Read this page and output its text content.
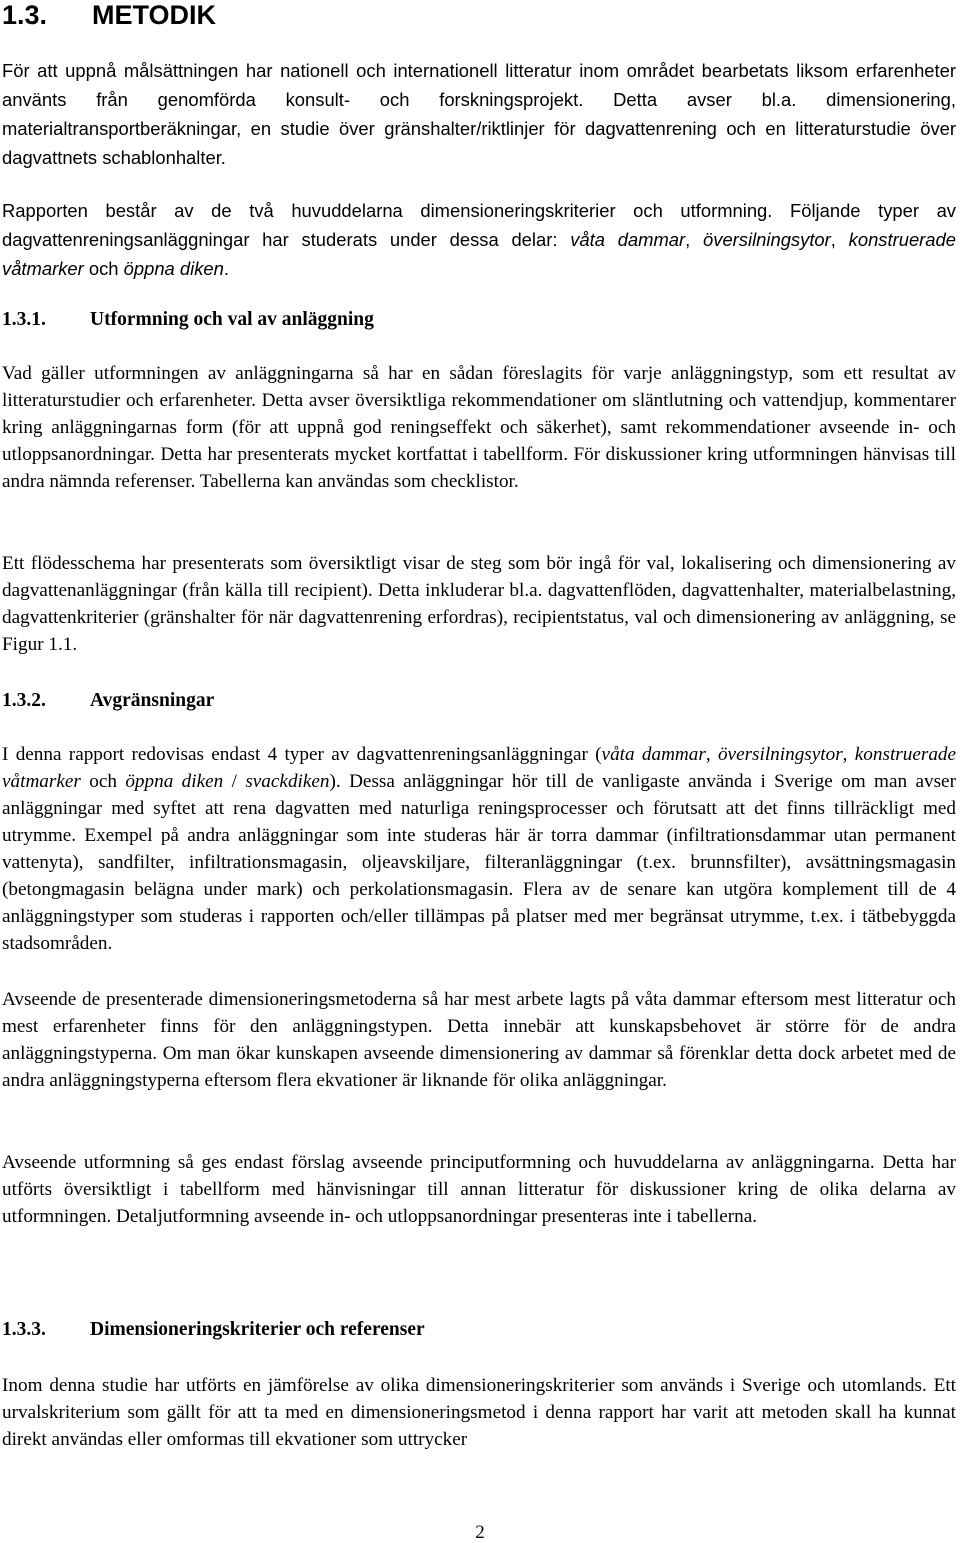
1.3. METODIK

För att uppnå målsättningen har nationell och internationell litteratur inom området bearbetats liksom erfarenheter använts från genomförda konsult- och forskningsprojekt. Detta avser bl.a. dimensionering, materialtransportberäkningar, en studie över gränshalter/riktlinjer för dagvattenrening och en litteraturstudie över dagvattnets schablonhalter.

Rapporten består av de två huvuddelarna dimensioneringskriterier och utformning. Följande typer av dagvattenreningsanläggningar har studerats under dessa delar: våta dammar, översilningsytor, konstruerade våtmarker och öppna diken.

1.3.1. Utformning och val av anläggning

Vad gäller utformningen av anläggningarna så har en sådan föreslagits för varje anläggningstyp, som ett resultat av litteraturstudier och erfarenheter. Detta avser översiktliga rekommendationer om släntlutning och vattendjup, kommentarer kring anläggningarnas form (för att uppnå god reningseffekt och säkerhet), samt rekommendationer avseende in- och utloppsanordningar. Detta har presenterats mycket kortfattat i tabellform. För diskussioner kring utformningen hänvisas till andra nämnda referenser. Tabellerna kan användas som checklistor.

Ett flödesschema har presenterats som översiktligt visar de steg som bör ingå för val, lokalisering och dimensionering av dagvattenanläggningar (från källa till recipient). Detta inkluderar bl.a. dagvattenflöden, dagvattenhalter, materialbelastning, dagvattenkriterier (gränshalter för när dagvattenrening erfordras), recipientstatus, val och dimensionering av anläggning, se Figur 1.1.

1.3.2. Avgränsningar

I denna rapport redovisas endast 4 typer av dagvattenreningsanläggningar (våta dammar, översilningsytor, konstruerade våtmarker och öppna diken / svackdiken). Dessa anläggningar hör till de vanligaste använda i Sverige om man avser anläggningar med syftet att rena dagvatten med naturliga reningsprocesser och förutsatt att det finns tillräckligt med utrymme. Exempel på andra anläggningar som inte studeras här är torra dammar (infiltrationsdammar utan permanent vattenyta), sandfilter, infiltrationsmagasin, oljeavskiljare, filteranläggningar (t.ex. brunnsfilter), avsättningsmagasin (betongmagasin belägna under mark) och perkolationsmagasin. Flera av de senare kan utgöra komplement till de 4 anläggningstyper som studeras i rapporten och/eller tillämpas på platser med mer begränsat utrymme, t.ex. i tätbebyggda stadsområden.

Avseende de presenterade dimensioneringsmetoderna så har mest arbete lagts på våta dammar eftersom mest litteratur och mest erfarenheter finns för den anläggningstypen. Detta innebär att kunskapsbehovet är större för de andra anläggningstyperna. Om man ökar kunskapen avseende dimensionering av dammar så förenklar detta dock arbetet med de andra anläggningstyperna eftersom flera ekvationer är liknande för olika anläggningar.

Avseende utformning så ges endast förslag avseende principutformning och huvuddelarna av anläggningarna. Detta har utförts översiktligt i tabellform med hänvisningar till annan litteratur för diskussioner kring de olika delarna av utformningen. Detaljutformning avseende in- och utloppsanordningar presenteras inte i tabellerna.

1.3.3. Dimensioneringskriterier och referenser

Inom denna studie har utförts en jämförelse av olika dimensioneringskriterier som används i Sverige och utomlands. Ett urvalskriterium som gällt för att ta med en dimensioneringsmetod i denna rapport har varit att metoden skall ha kunnat direkt användas eller omformas till ekvationer som uttrycker

2
